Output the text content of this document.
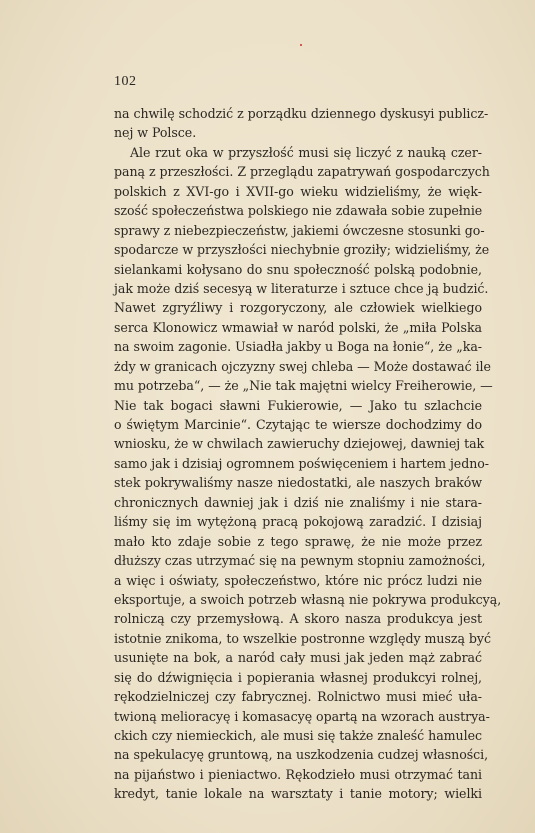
102
na chwilę schodzić z porządku dziennego dyskusyi publicz-
nej w Polsce.
Ale rzut oka w przyszłość musi się liczyć z nauką czer-
paną z przeszłości. Z przeglądu zapatrywań gospodarczych
polskich z XVI-go i XVII-go wieku widzieliśmy, że więk-
szość społeczeństwa polskiego nie zdawała sobie zupełnie
sprawy z niebezpieczeństw, jakiemi ówczesne stosunki go-
spodarcze w przyszłości niechybnie groziły; widzieliśmy, że
sielankami kołysano do snu społeczność polską podobnie,
jak może dziś secesyą w literaturze i sztuce chce ją budzić.
Nawet zgryźliwy i rozgoryczony, ale człowiek wielkiego
serca Klonowicz wmawiał w naród polski, że „miła Polska
na swoim zagonie. Usiadła jakby u Boga na łonie“, że „ka-
żdy w granicach ojczyzny swej chleba — Może dostawać ile
mu potrzeba“, — że „Nie tak majętni wielcy Freiherowie, —
Nie tak bogaci sławni Fukierowie, — Jako tu szlachcie
o świętym Marcinie“. Czytając te wiersze dochodzimy do
wniosku, że w chwilach zawieruchy dziejowej, dawniej tak
samo jak i dzisiaj ogromnem poświęceniem i hartem jedno-
stek pokrywaliśmy nasze niedostatki, ale naszych braków
chronicznych dawniej jak i dziś nie znaliśmy i nie stara-
liśmy się im wytężoną pracą pokojową zaradzić. I dzisiaj
mało kto zdaje sobie z tego sprawę, że nie może przez
dłuższy czas utrzymać się na pewnym stopniu zamożności,
a więc i oświaty, społeczeństwo, które nic prócz ludzi nie
eksportuje, a swoich potrzeb własną nie pokrywa produkcyą,
rolniczą czy przemysłową. A skoro nasza produkcya jest
istotnie znikoma, to wszelkie postronne względy muszą być
usunięte na bok, a naród cały musi jak jeden mąż zabrać
się do dźwignięcia i popierania własnej produkcyi rolnej,
rękodzielniczej czy fabrycznej. Rolnictwo musi mieć uła-
twioną melioracyę i komasacyę opartą na wzorach austrya-
ckich czy niemieckich, ale musi się także znaleść hamulec
na spekulacyę gruntową, na uszkodzenia cudzej własności,
na pijaństwo i pieniactwo. Rękodzieło musi otrzymać tani
kredyt, tanie lokale na warsztaty i tanie motory; wielki
